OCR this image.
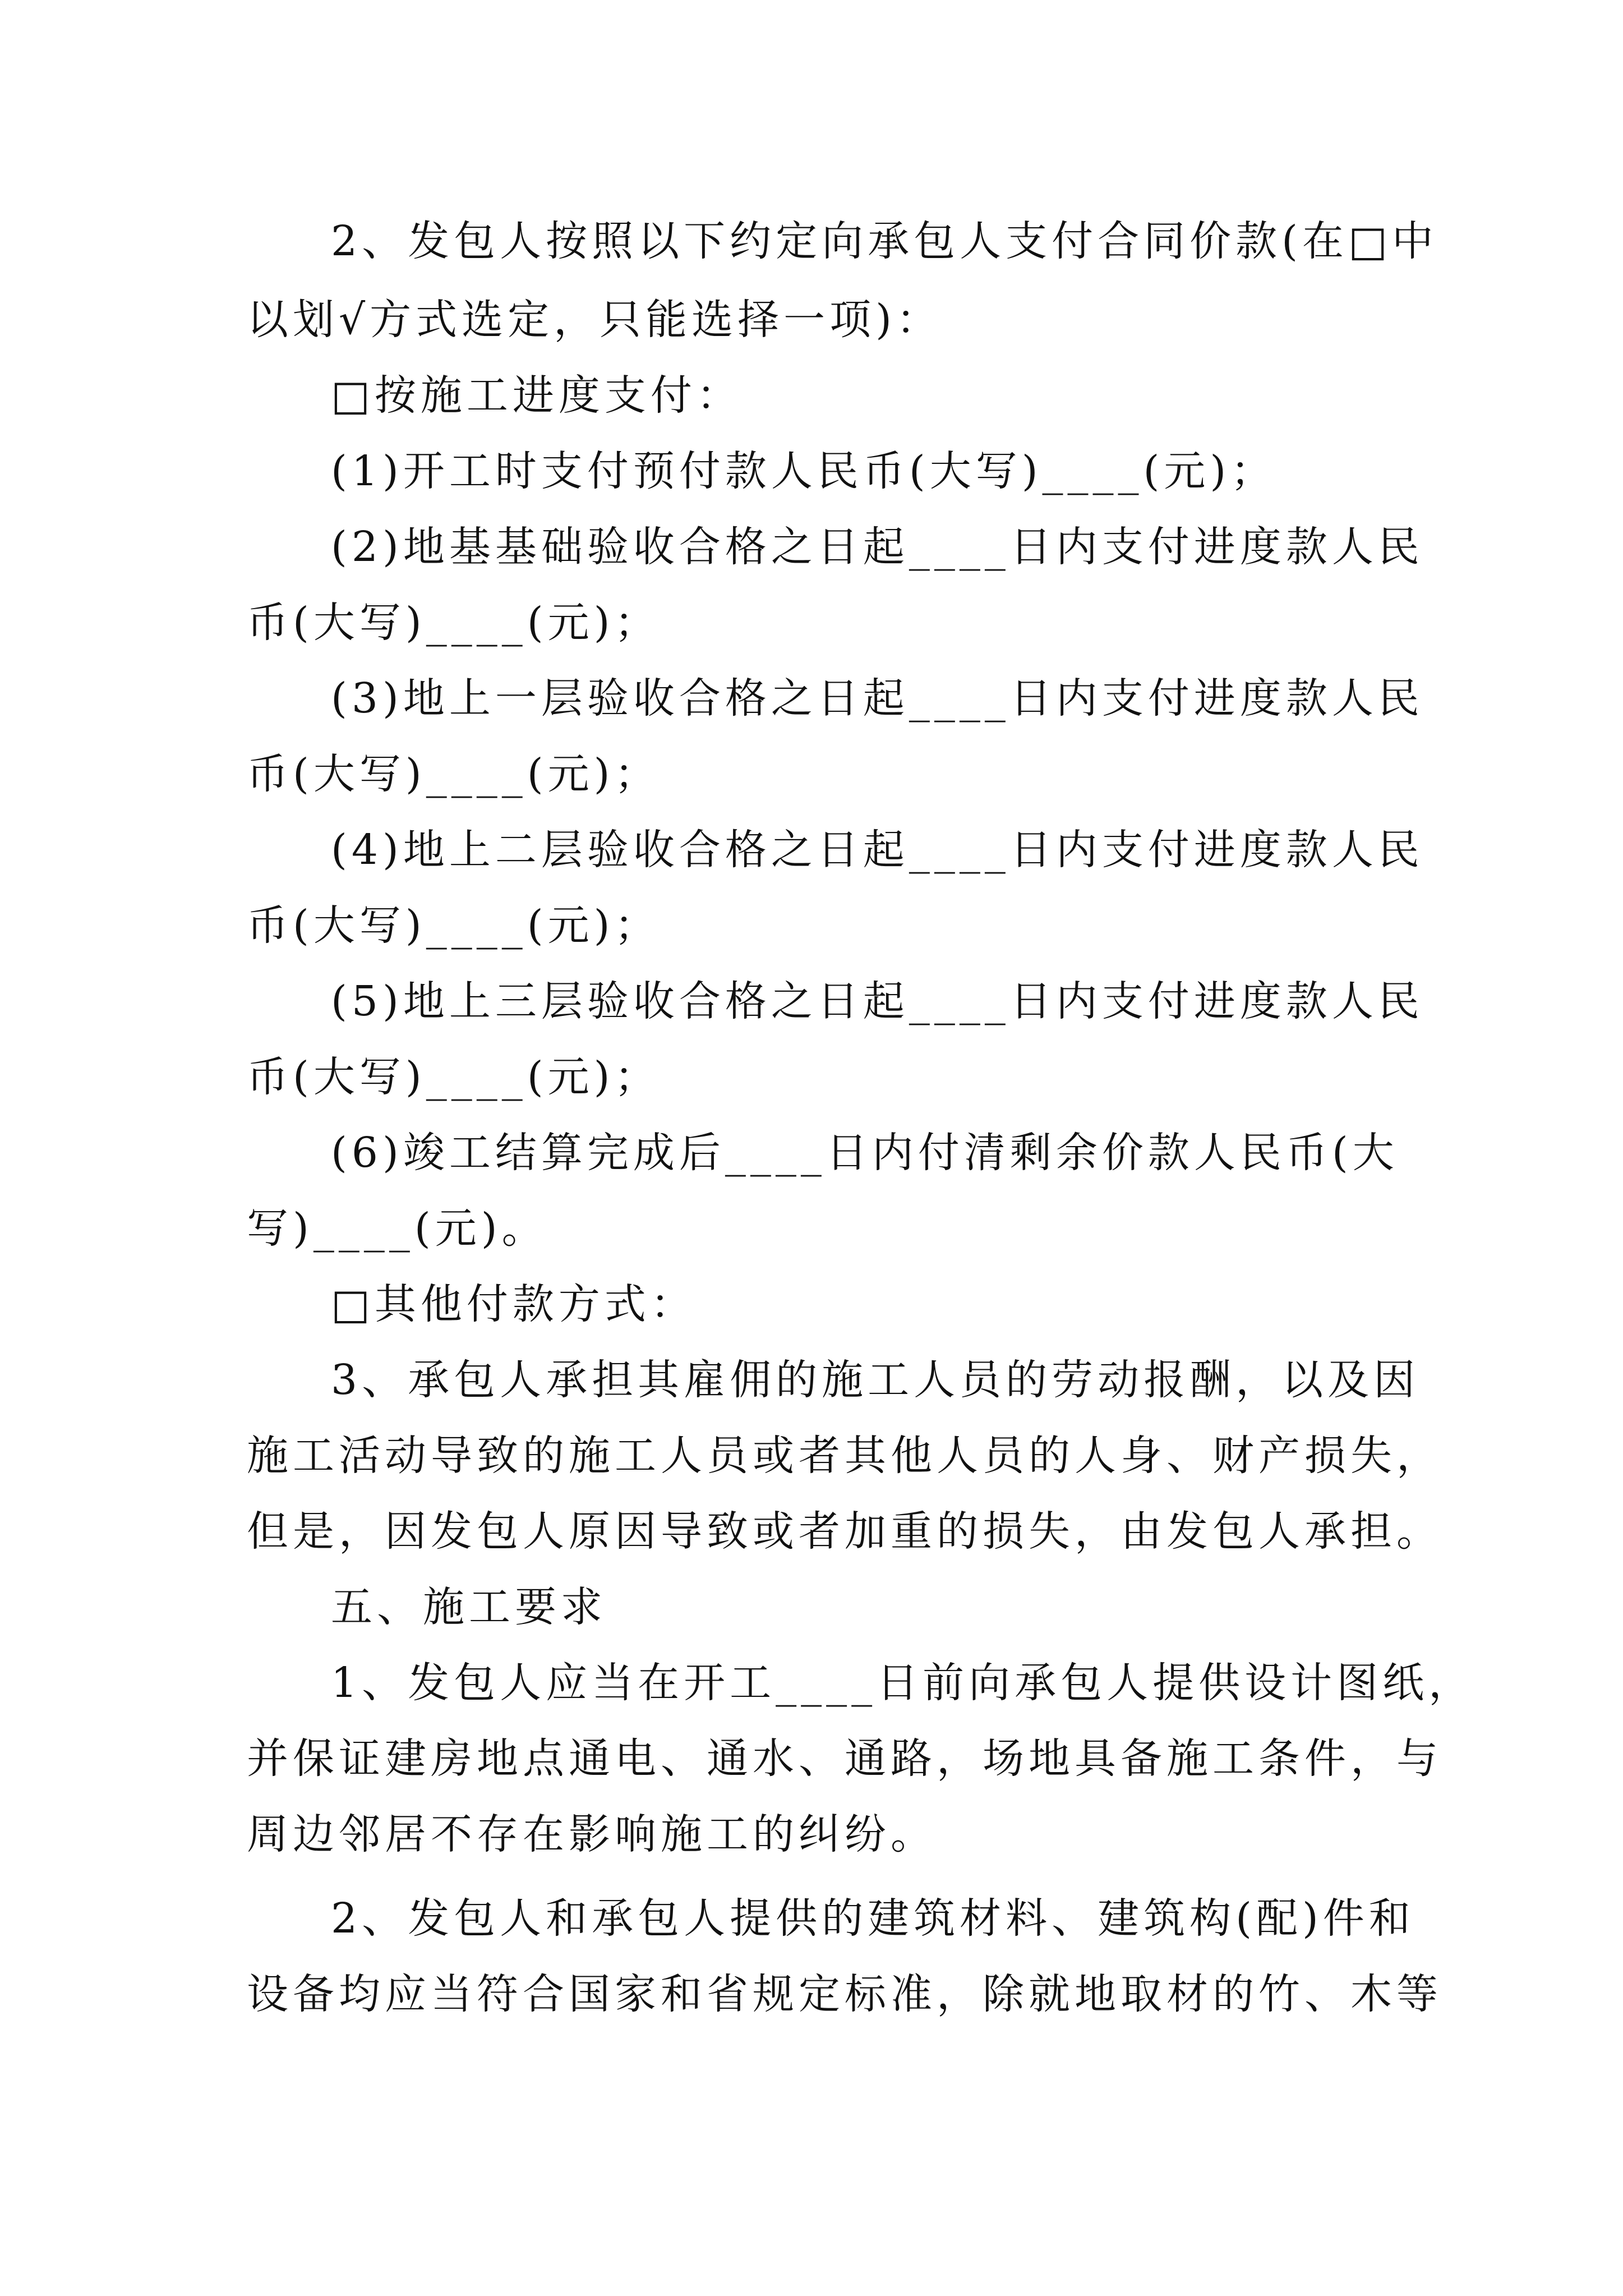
2、发包人按照以下约定向承包人支付合同价款(在□中
以划√方式选定，只能选择一项)：
□按施工进度支付：
(1)开工时支付预付款人民币(大写)____(元)；
(2)地基基础验收合格之日起____日内支付进度款人民
币(大写)____(元)；
(3)地上一层验收合格之日起____日内支付进度款人民
币(大写)____(元)；
(4)地上二层验收合格之日起____日内支付进度款人民
币(大写)____(元)；
(5)地上三层验收合格之日起____日内支付进度款人民
币(大写)____(元)；
(6)竣工结算完成后____日内付清剩余价款人民币(大
写)____(元)。
□其他付款方式：
3、承包人承担其雇佣的施工人员的劳动报酬，以及因
施工活动导致的施工人员或者其他人员的人身、财产损失，
但是，因发包人原因导致或者加重的损失，由发包人承担。
五、施工要求
1、发包人应当在开工____日前向承包人提供设计图纸，
并保证建房地点通电、通水、通路，场地具备施工条件，与
周边邻居不存在影响施工的纠纷。
2、发包人和承包人提供的建筑材料、建筑构(配)件和
设备均应当符合国家和省规定标准，除就地取材的竹、木等
